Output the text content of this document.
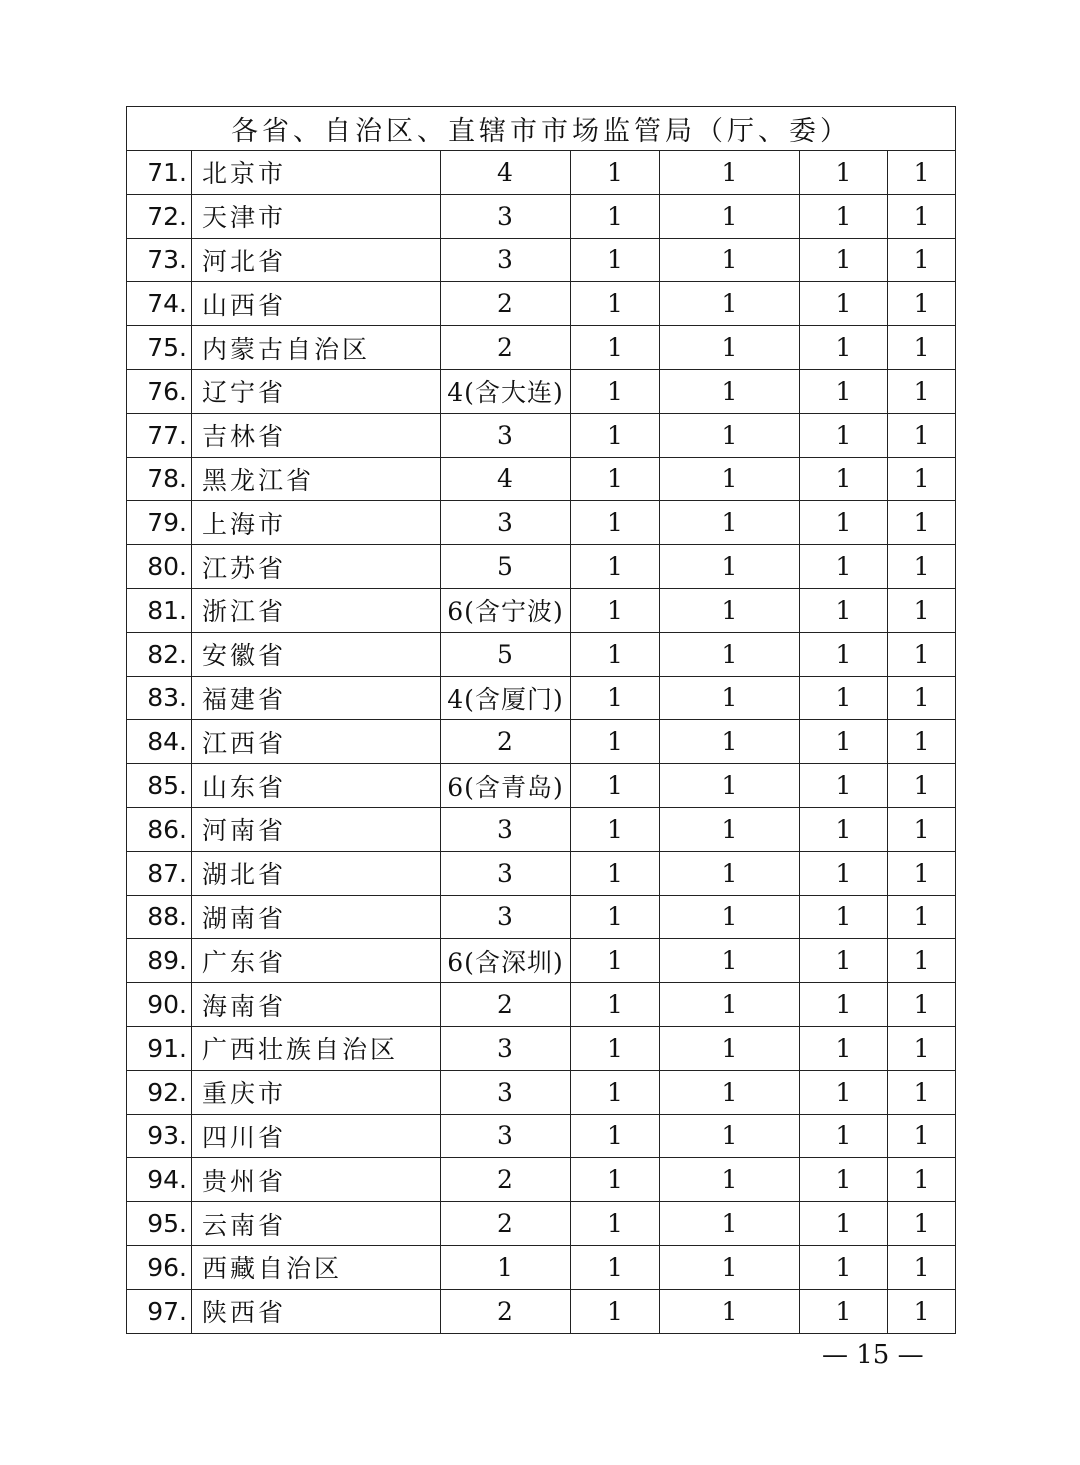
各省、自治区、直辖市市场监管局（厅、委）						
71.	北京市	4	1	1	1	1
72.	天津市	3	1	1	1	1
73.	河北省	3	1	1	1	1
74.	山西省	2	1	1	1	1
75.	内蒙古自治区	2	1	1	1	1
76.	辽宁省	4(含大连)	1	1	1	1
77.	吉林省	3	1	1	1	1
78.	黑龙江省	4	1	1	1	1
79.	上海市	3	1	1	1	1
80.	江苏省	5	1	1	1	1
81.	浙江省	6(含宁波)	1	1	1	1
82.	安徽省	5	1	1	1	1
83.	福建省	4(含厦门)	1	1	1	1
84.	江西省	2	1	1	1	1
85.	山东省	6(含青岛)	1	1	1	1
86.	河南省	3	1	1	1	1
87.	湖北省	3	1	1	1	1
88.	湖南省	3	1	1	1	1
89.	广东省	6(含深圳)	1	1	1	1
90.	海南省	2	1	1	1	1
91.	广西壮族自治区	3	1	1	1	1
92.	重庆市	3	1	1	1	1
93.	四川省	3	1	1	1	1
94.	贵州省	2	1	1	1	1
95.	云南省	2	1	1	1	1
96.	西藏自治区	1	1	1	1	1
97.	陕西省	2	1	1	1	1
— 15 —
